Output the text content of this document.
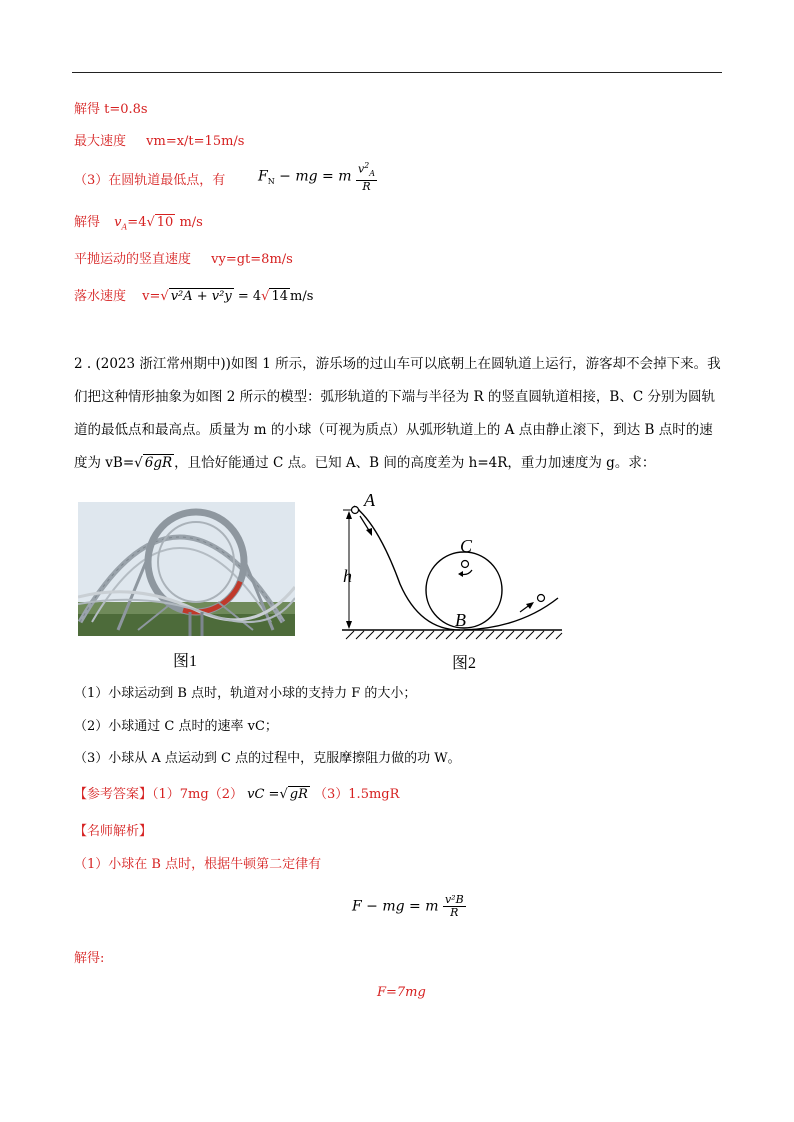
解得 t=0.8s
最大速度 vm=x/t=15m/s
（3）在圆轨道最低点，有 $F_N$ − mg = m $\frac{v^2_A}{R}$
解得 $v_A=4√$ 10 m/s
平抛运动的竖直速度 vy=gt=8m/s
落水速度 v=√ v²A + v²y = 4√ 14 m/s
2 . (2023 浙江常州期中))如图 1 所示，游乐场的过山车可以底朝上在圆轨道上运行，游客却不会掉下来。我
们把这种情形抽象为如图 2 所示的模型：弧形轨道的下端与半径为 R 的竖直圆轨道相接，B、C 分别为圆轨
道的最低点和最高点。质量为 m 的小球（可视为质点）从弧形轨道上的 A 点由静止滚下，到达 B 点时的速
度为 vB=√ 6gR ，且恰好能通过 C 点。已知 A、B 间的高度差为 h=4R，重力加速度为 g。求：
图1
A
C
B
h
图2
（1）小球运动到 B 点时，轨道对小球的支持力 F 的大小；
（2）小球通过 C 点时的速率 vC；
（3）小球从 A 点运动到 C 点的过程中，克服摩擦阻力做的功 W。
【参考答案】（1）7mg（2） vC =√ gR （3）1.5mgR
【名师解析】
（1）小球在 B 点时，根据牛顿第二定律有
F − mg = m $\frac{\text{v²B}}{R}$
解得:
F=7mg
